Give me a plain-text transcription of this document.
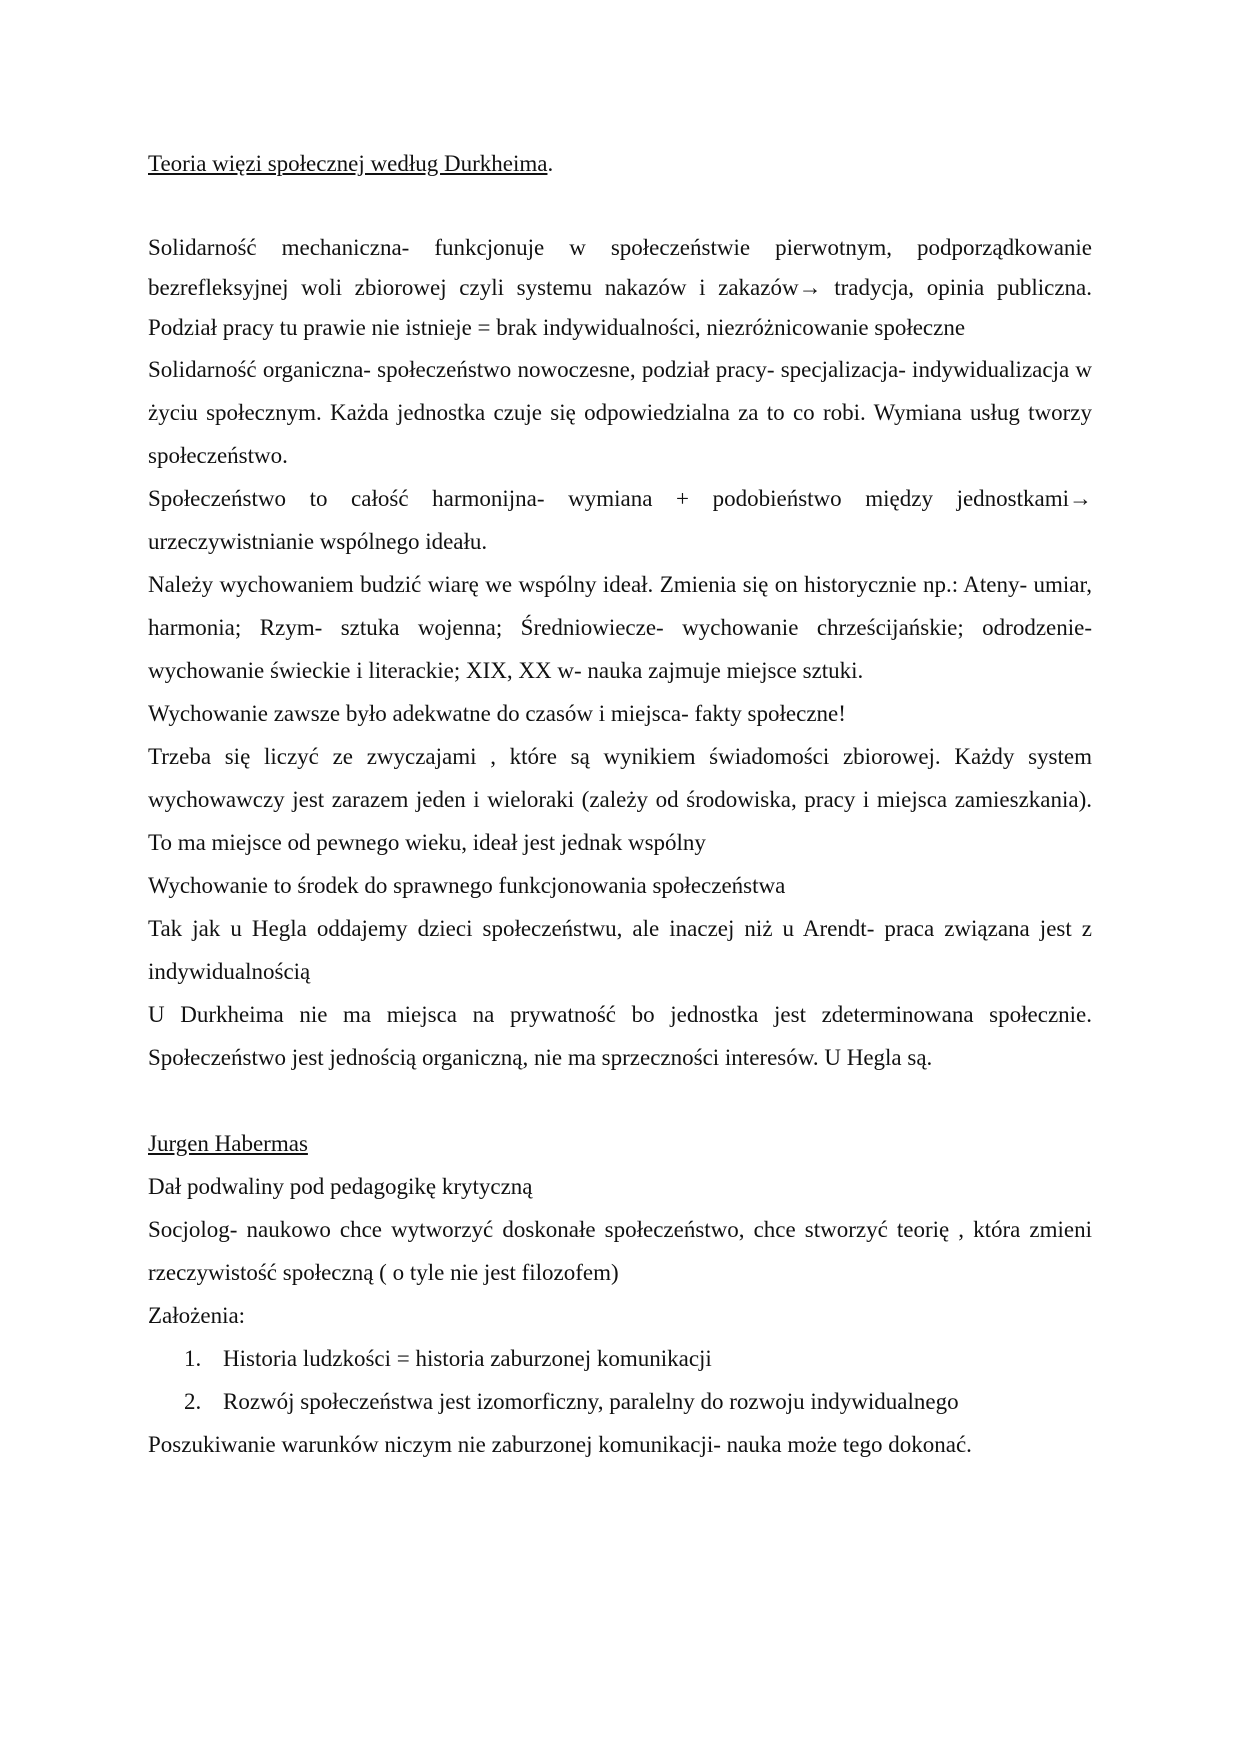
Teoria więzi społecznej według Durkheima.

Solidarność mechaniczna- funkcjonuje w społeczeństwie pierwotnym, podporządkowanie bezrefleksyjnej woli zbiorowej czyli systemu nakazów i zakazów→ tradycja, opinia publiczna. Podział pracy tu prawie nie istnieje = brak indywidualności, niezróżnicowanie społeczne

Solidarność organiczna- społeczeństwo nowoczesne, podział pracy- specjalizacja- indywidualizacja w życiu społecznym. Każda jednostka czuje się odpowiedzialna za to co robi. Wymiana usług tworzy społeczeństwo.

Społeczeństwo to całość harmonijna- wymiana + podobieństwo między jednostkami→ urzeczywistnianie wspólnego ideału.

Należy wychowaniem budzić wiarę we wspólny ideał. Zmienia się on historycznie np.: Ateny- umiar, harmonia; Rzym- sztuka wojenna; Średniowiecze- wychowanie chrześcijańskie; odrodzenie- wychowanie świeckie i literackie; XIX, XX w- nauka zajmuje miejsce sztuki.

Wychowanie zawsze było adekwatne do czasów i miejsca- fakty społeczne!

Trzeba się liczyć ze zwyczajami , które są wynikiem świadomości zbiorowej. Każdy system wychowawczy jest zarazem jeden i wieloraki (zależy od środowiska, pracy i miejsca zamieszkania). To ma miejsce od pewnego wieku, ideał jest jednak wspólny

Wychowanie to środek do sprawnego funkcjonowania społeczeństwa

Tak jak u Hegla oddajemy dzieci społeczeństwu, ale inaczej niż u Arendt- praca związana jest z indywidualnością

U Durkheima nie ma miejsca na prywatność bo jednostka jest zdeterminowana społecznie. Społeczeństwo jest jednością organiczną, nie ma sprzeczności interesów. U Hegla są.

Jurgen Habermas

Dał podwaliny pod pedagogikę krytyczną

Socjolog- naukowo chce wytworzyć doskonałe społeczeństwo, chce stworzyć teorię , która zmieni rzeczywistość społeczną ( o tyle nie jest filozofem)

Założenia:

1. Historia ludzkości = historia zaburzonej komunikacji
2. Rozwój społeczeństwa jest izomorficzny, paralelny do rozwoju indywidualnego

Poszukiwanie warunków niczym nie zaburzonej komunikacji- nauka może tego dokonać.
